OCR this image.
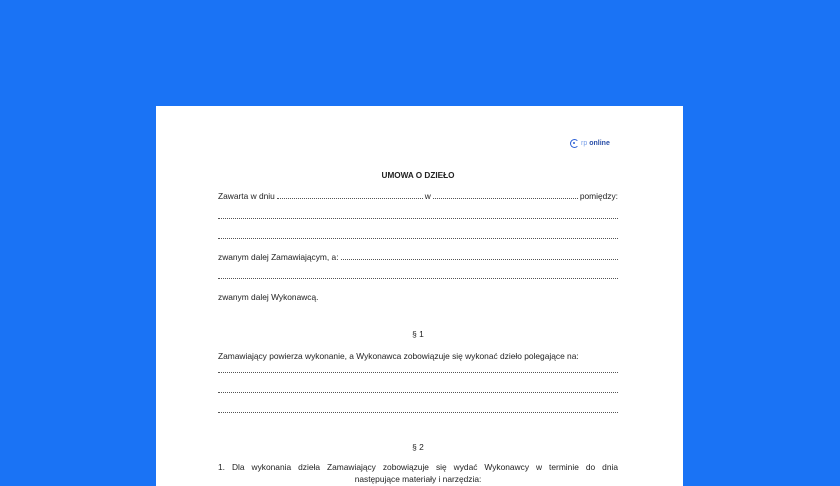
rp online
UMOWA O DZIEŁO
Zawarta w dniu	w	pomiędzy:
zwanym dalej Zamawiającym, a:
zwanym dalej Wykonawcą.
§ 1
Zamawiający powierza wykonanie, a Wykonawca zobowiązuje się wykonać dzieło polegające na:
§ 2
1. Dla wykonania dzieła Zamawiający zobowiązuje się wydać Wykonawcy w terminie do dnia
następujące materiały i narzędzia:
